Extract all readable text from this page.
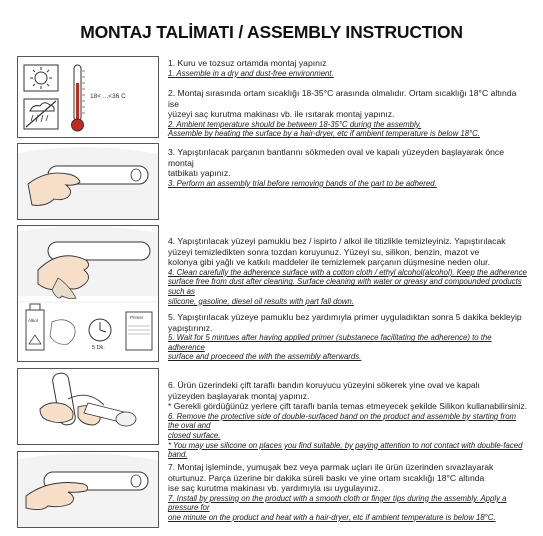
MONTAJ TALİMATI / ASSEMBLY INSTRUCTION
18< ...<36 C
Alkol
5 Dk.
Primer
1. Kuru ve tozsuz ortamda montaj yapınız
1. Assemble in a dry and dust-free environment.
2. Montaj sırasında ortam sıcaklığı 18-35°C arasında olmalıdır. Ortam sıcaklığı 18°C altında ise
yüzeyi saç kurutma makinası vb. ile ısıtarak montaj yapınız.
2. Ambient temperature should be between 18-35°C during the assembly.
Assemble by heating the surface by a hair-dryer, etc if ambient temperature is below 18°C.
3. Yapıştırılacak parçanın bantlarını sökmeden oval ve kapalı yüzeyden başlayarak önce montaj
tatbikatı yapınız.
3. Perform an assembly trial before removing bands of the part to be adhered.
4. Yapıştırılacak yüzeyi pamuklu bez / ispirto / alkol ile titizlikle temizleyiniz. Yapıştırılacak
yüzeyi temizledikten sonra tozdan koruyunuz. Yüzeyi su, silikon, benzin, mazot ve
kolonya gibi yağlı ve katkılı maddeler ile temizlemek parçanın düşmesine neden olur.
4. Clean carefully the adherence surface with a cotton cloth / ethyl alcohol(alcohol). Keep the adherence
surface free from dust after cleaning. Surface cleaning with water or greasy and compounded products such as
silicone, gasoline, diesel oil results with part fall down.
5. Yapıştırılacak yüzeye pamuklu bez yardımıyla primer uyguladıktan sonra 5 dakika bekleyip
yapıştırınız.
5. Wait for 5 mintues after having applied primer (substanece facilitating the adherence) to the adherence
surface and proeceed the with the assembly afterwards.
6. Ürün üzerindeki çift taraflı bandın koruyucu yüzeyini sökerek yine oval ve kapalı
yüzeyden başlayarak montaj yapınız.
* Gerekli gördüğünüz yerlere çift taraflı banla temas etmeyecek şekilde Silikon kullanabilirsiniz.
6. Remove the protective side of double-surfaced band on the product and assemble by starting from the oval and
closed surface.
* You may use silicone on places you find suitable, by paying attention to not contact with double-faced band.
7. Montaj işleminde, yumuşak bez veya parmak uçları ile ürün üzerinden sıvazlayarak
oturtunuz. Parça üzerine bir dakika süreli baskı ve yine ortam sıcaklığı 18°C altında
ise saç kurutma makinası vb. yardımıyla ısı uygulayınız.
7. Install by pressing on the product with a smooth cloth or finger tips during the assembly. Apply a pressure for
one minute on the product and heat with a hair-dryer, etc if ambient temperature is below 18°C.
